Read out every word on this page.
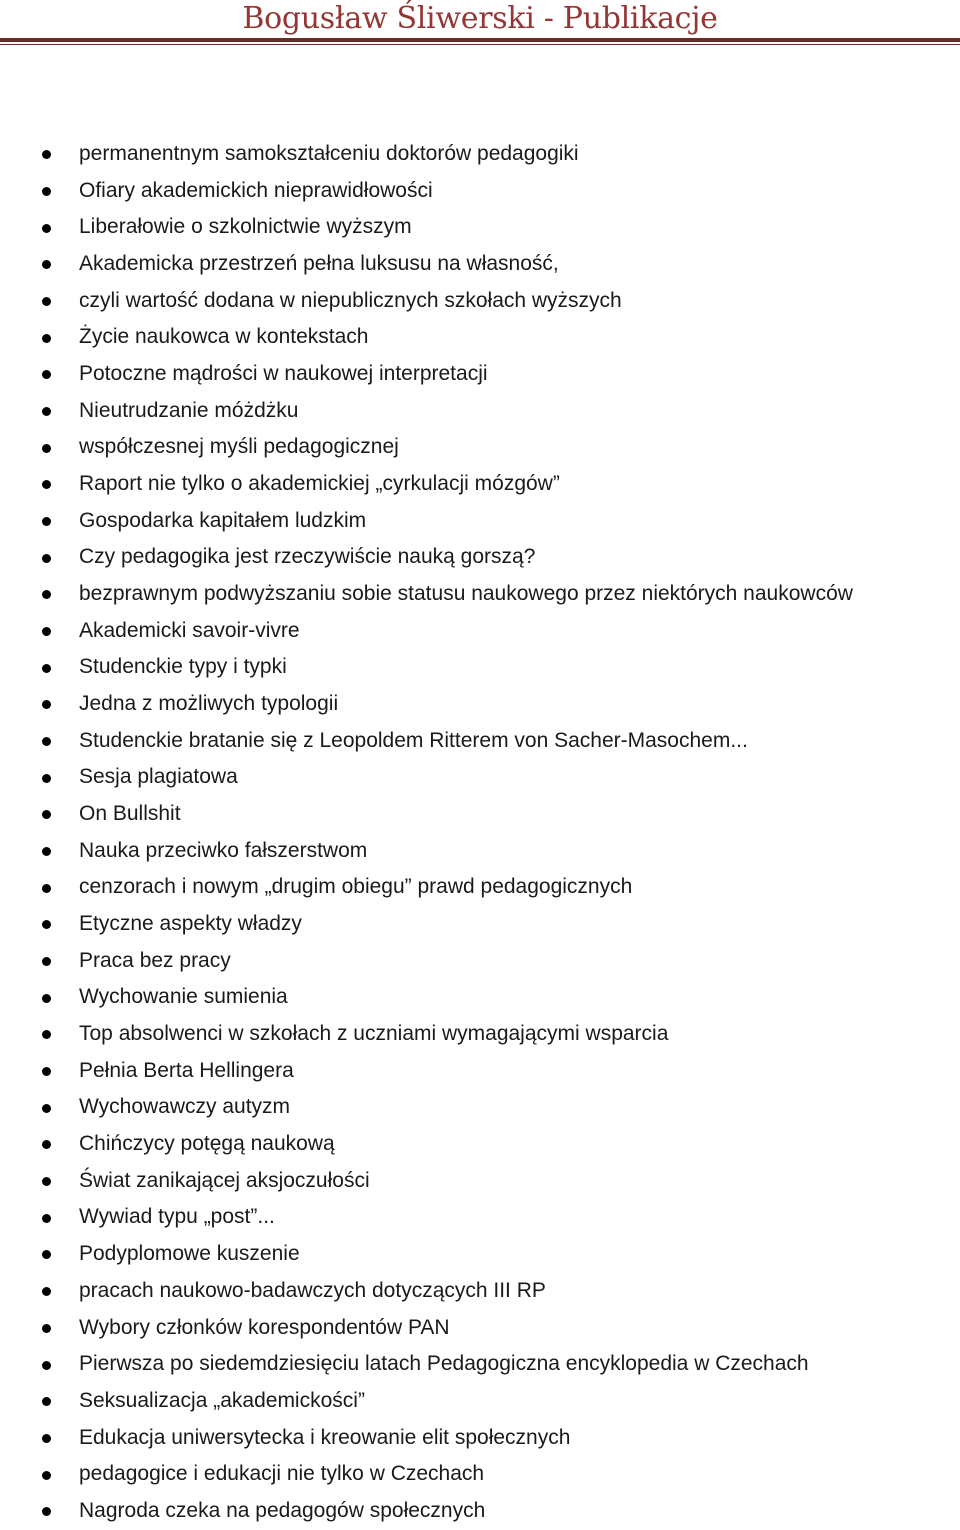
Bogusław Śliwerski - Publikacje
permanentnym samokształceniu doktorów pedagogiki
Ofiary akademickich nieprawidłowości
Liberałowie o szkolnictwie wyższym
Akademicka przestrzeń pełna luksusu na własność,
czyli wartość dodana w niepublicznych szkołach wyższych
Życie naukowca w kontekstach
Potoczne mądrości w naukowej interpretacji
Nieutrudzanie móżdżku
współczesnej myśli pedagogicznej
Raport nie tylko o akademickiej „cyrkulacji mózgów”
Gospodarka kapitałem ludzkim
Czy pedagogika jest rzeczywiście nauką gorszą?
bezprawnym podwyższaniu sobie statusu naukowego przez niektórych naukowców
Akademicki savoir-vivre
Studenckie typy i typki
Jedna z możliwych typologii
Studenckie bratanie się z Leopoldem Ritterem von Sacher-Masochem...
Sesja plagiatowa
On Bullshit
Nauka przeciwko fałszerstwom
cenzorach i nowym „drugim obiegu” prawd pedagogicznych
Etyczne aspekty władzy
Praca bez pracy
Wychowanie sumienia
Top absolwenci w szkołach z uczniami wymagającymi wsparcia
Pełnia Berta Hellingera
Wychowawczy autyzm
Chińczycy potęgą naukową
Świat zanikającej aksjoczułości
Wywiad typu „post”...
Podyplomowe kuszenie
pracach naukowo-badawczych dotyczących III RP
Wybory członków korespondentów PAN
Pierwsza po siedemdziesięciu latach Pedagogiczna encyklopedia w Czechach
Seksualizacja „akademickości”
Edukacja uniwersytecka i kreowanie elit społecznych
pedagogice i edukacji nie tylko w Czechach
Nagroda czeka na pedagogów społecznych
